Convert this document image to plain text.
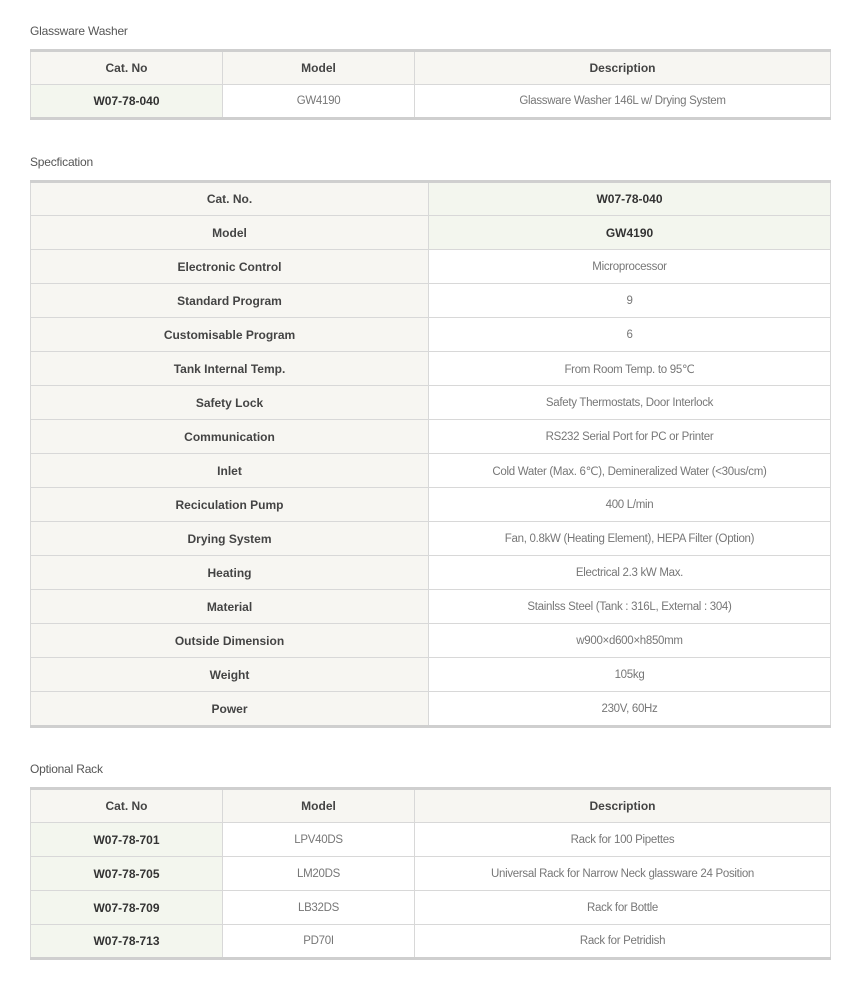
Glassware Washer
Cat. No	Model	Description
W07-78-040	GW4190	Glassware Washer 146L w/ Drying System
Specfication
Cat. No.	W07-78-040
Model	GW4190
Electronic Control	Microprocessor
Standard Program	9
Customisable Program	6
Tank Internal Temp.	From Room Temp. to 95℃
Safety Lock	Safety Thermostats, Door Interlock
Communication	RS232 Serial Port for PC or Printer
Inlet	Cold Water (Max. 6℃), Demineralized Water (<30us/cm)
Reciculation Pump	400 L/min
Drying System	Fan, 0.8kW (Heating Element), HEPA Filter (Option)
Heating	Electrical 2.3 kW Max.
Material	Stainlss Steel (Tank : 316L, External : 304)
Outside Dimension	w900×d600×h850mm
Weight	105kg
Power	230V, 60Hz
Optional Rack
Cat. No	Model	Description
W07-78-701	LPV40DS	Rack for 100 Pipettes
W07-78-705	LM20DS	Universal Rack for Narrow Neck glassware 24 Position
W07-78-709	LB32DS	Rack for Bottle
W07-78-713	PD70I	Rack for Petridish
